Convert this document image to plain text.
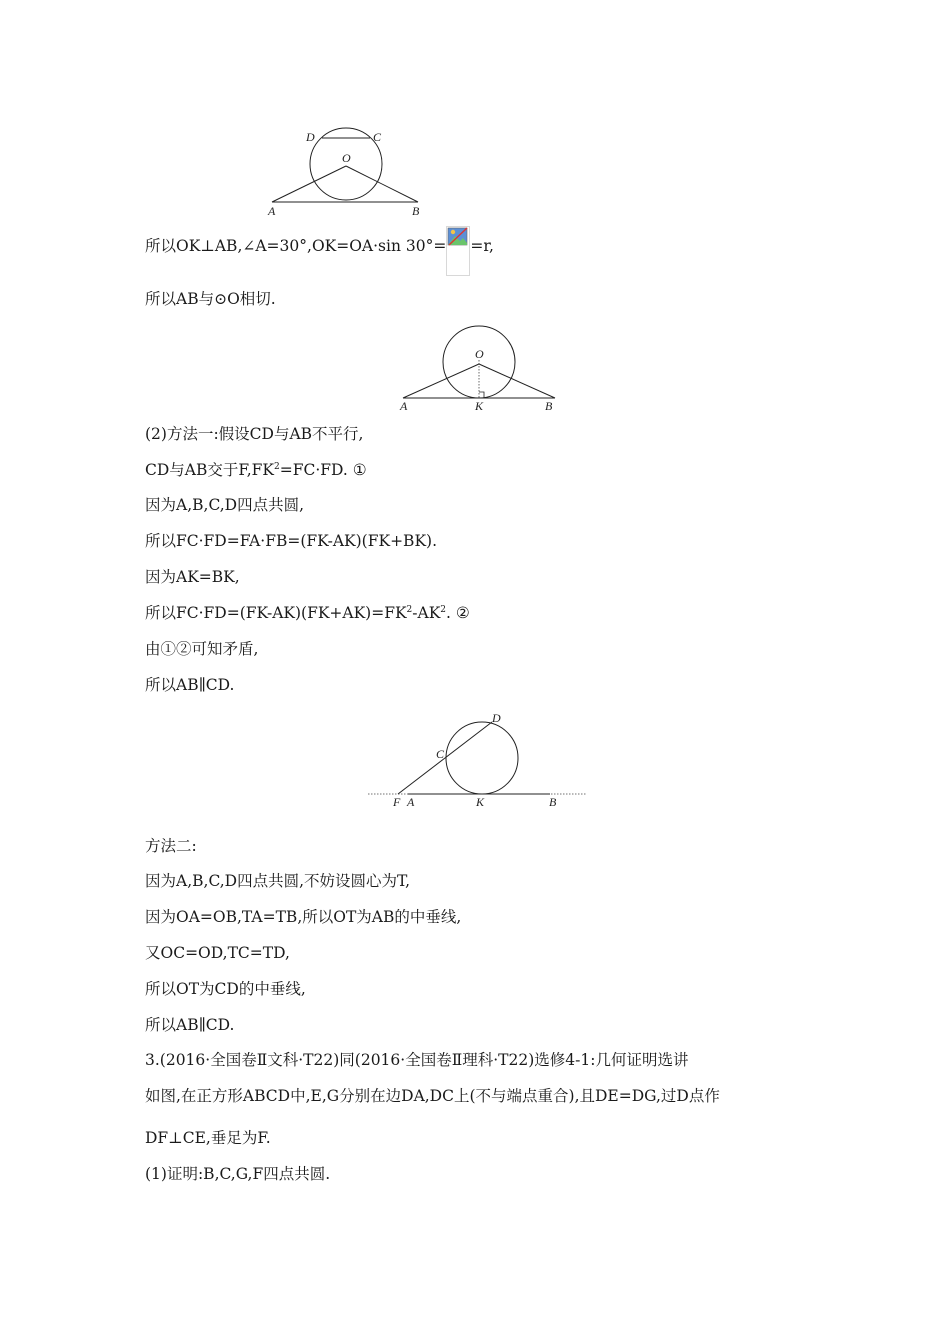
D	C
O
A	B
所以OK⊥AB,∠A=30°,OK=OA·sin 30°= =r,
所以AB与⊙O相切.
O
A	K	B
(2)方法一:假设CD与AB不平行,
CD与AB交于$F,FK^2=FC\cdot FD$. ①
因为A,B,C,D四点共圆,
所以FC·FD=FA·FB=(FK-AK)(FK+BK).
因为AK=BK,
所以$FC\cdot FD=(FK-AK)(FK+AK)=FK^2-AK^2$. ②
由①②可知矛盾,
所以AB∥CD.
D
C
F A	K	B
方法二:
因为A,B,C,D四点共圆,不妨设圆心为T,
因为OA=OB,TA=TB,所以OT为AB的中垂线,
又OC=OD,TC=TD,
所以OT为CD的中垂线,
所以AB∥CD.
3.(2016·全国卷Ⅱ文科·T22)同(2016·全国卷Ⅱ理科·T22)选修4-1:几何证明选讲
如图,在正方形ABCD中,E,G分别在边DA,DC上(不与端点重合),且DE=DG,过D点作
DF⊥CE,垂足为F.
(1)证明:B,C,G,F四点共圆.
